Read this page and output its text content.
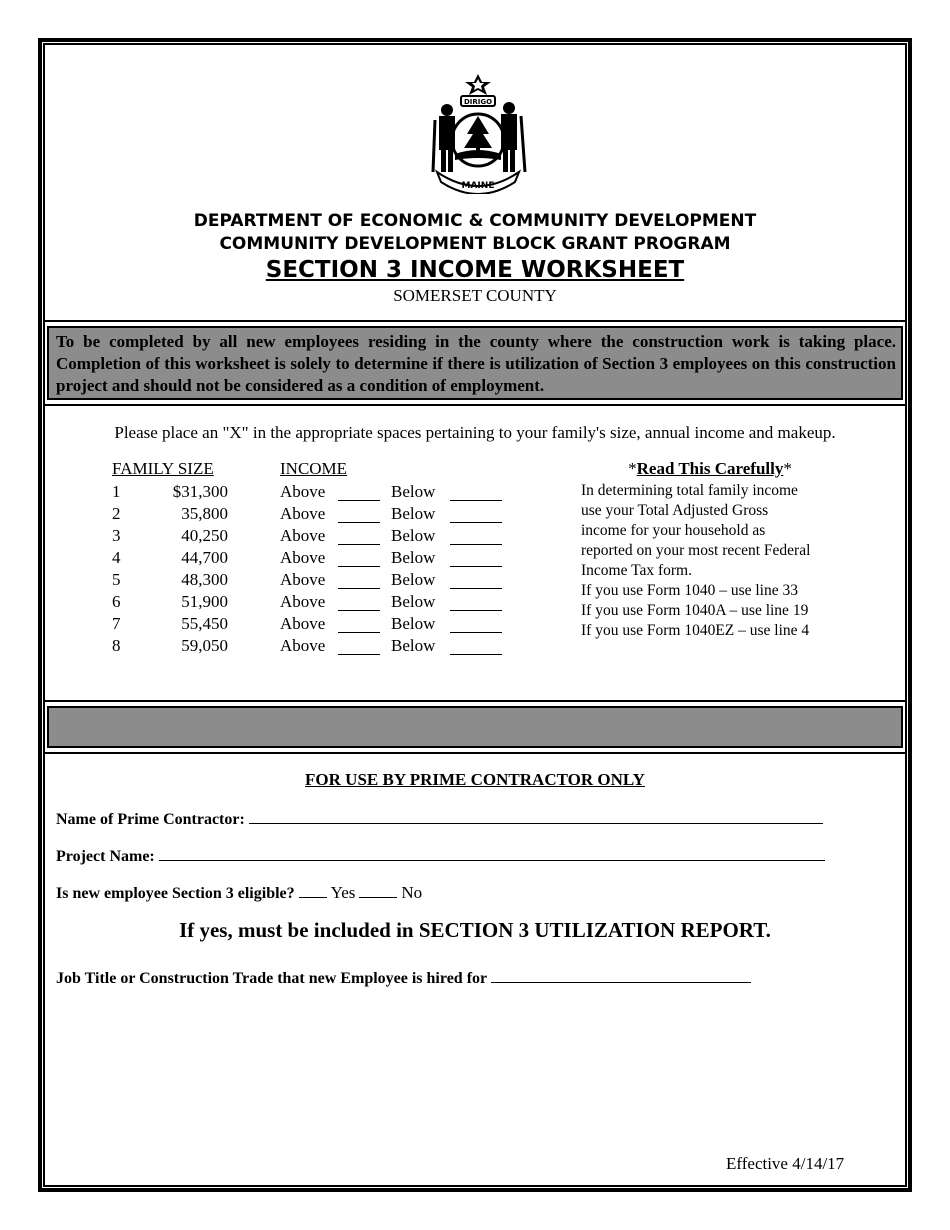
DIRIGO
MAINE
DEPARTMENT OF ECONOMIC & COMMUNITY DEVELOPMENT
COMMUNITY DEVELOPMENT BLOCK GRANT PROGRAM
SECTION 3 INCOME WORKSHEET
SOMERSET COUNTY
To be completed by all new employees residing in the county where the construction work is taking place. Completion of this worksheet is solely to determine if there is utilization of Section 3 employees on this construction project and should not be considered as a condition of employment.
Please place an "X" in the appropriate spaces pertaining to your family's size, annual income and makeup.
FAMILY SIZE	INCOME
1	$31,300	Above	Below
2	35,800	Above	Below
3	40,250	Above	Below
4	44,700	Above	Below
5	48,300	Above	Below
6	51,900	Above	Below
7	55,450	Above	Below
8	59,050	Above	Below
*Read This Carefully*
In determining total family income
use your Total Adjusted Gross
income for your household as
reported on your most recent Federal
Income Tax form.
If you use Form 1040 – use line 33
If you use Form 1040A – use line 19
If you use Form 1040EZ – use line 4
FOR USE BY PRIME CONTRACTOR ONLY
Name of Prime Contractor:
Project Name:
Is new employee Section 3 eligible? Yes	No
If yes, must be included in SECTION 3 UTILIZATION REPORT.
Job Title or Construction Trade that new Employee is hired for
Effective 4/14/17
